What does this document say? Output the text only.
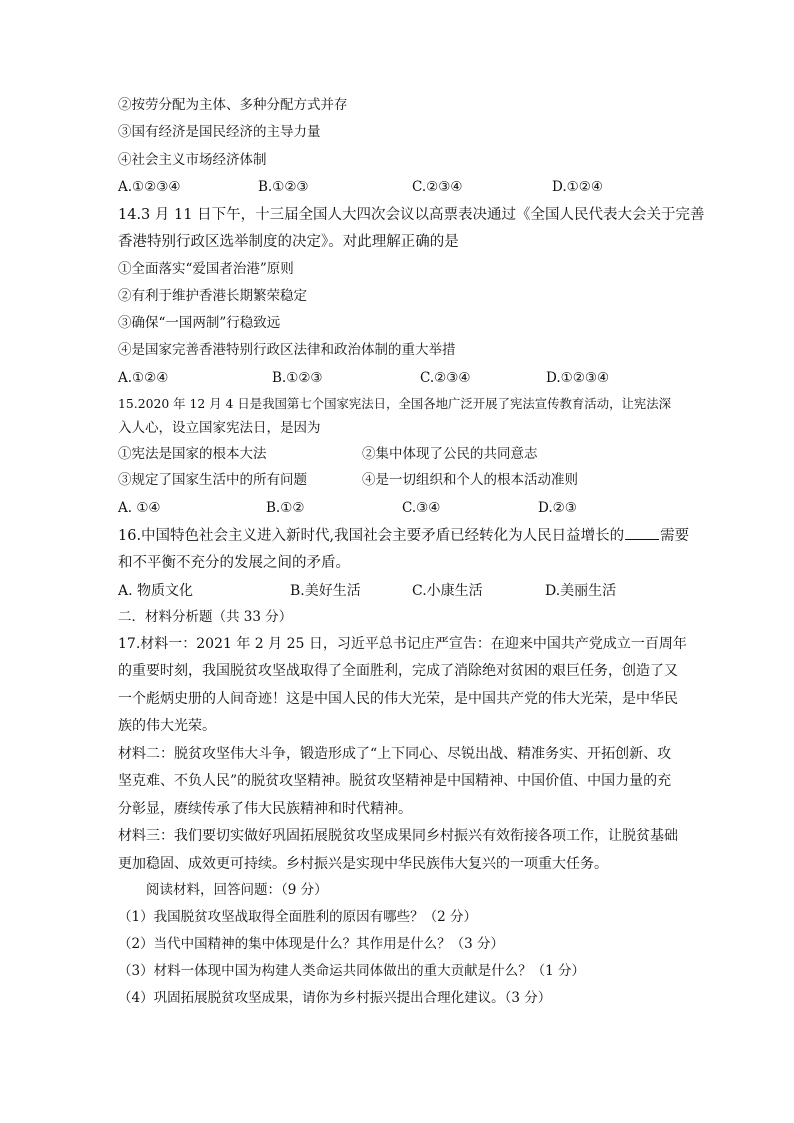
②按劳分配为主体、多种分配方式并存
③国有经济是国民经济的主导力量
④社会主义市场经济体制
A.①②③④	B.①②③	C.②③④	D.①②④
14.3 月 11 日下午，十三届全国人大四次会议以高票表决通过《全国人民代表大会关于完善
香港特别行政区选举制度的决定》。对此理解正确的是
①全面落实“爱国者治港”原则
②有利于维护香港长期繁荣稳定
③确保“一国两制”行稳致远
④是国家完善香港特别行政区法律和政治体制的重大举措
A.①②④	B.①②③	C.②③④	D.①②③④
15.2020 年 12 月 4 日是我国第七个国家宪法日，全国各地广泛开展了宪法宣传教育活动，让宪法深
入人心，设立国家宪法日，是因为
①宪法是国家的根本大法	②集中体现了公民的共同意志
③规定了国家生活中的所有问题	④是一切组织和个人的根本活动准则
A. ①④	B.①②	C.③④	D.②③
16.中国特色社会主义进入新时代,我国社会主要矛盾已经转化为人民日益增长的 需要
和不平衡不充分的发展之间的矛盾。
A. 物质文化	B.美好生活	C.小康生活	D.美丽生活
二．材料分析题（共 33 分）
17.材料一：2021 年 2 月 25 日，习近平总书记庄严宣告：在迎来中国共产党成立一百周年
的重要时刻，我国脱贫攻坚战取得了全面胜利，完成了消除绝对贫困的艰巨任务，创造了又
一个彪炳史册的人间奇迹！这是中国人民的伟大光荣，是中国共产党的伟大光荣，是中华民
族的伟大光荣。
材料二：脱贫攻坚伟大斗争，锻造形成了“上下同心、尽锐出战、精准务实、开拓创新、攻
坚克难、不负人民”的脱贫攻坚精神。脱贫攻坚精神是中国精神、中国价值、中国力量的充
分彰显，赓续传承了伟大民族精神和时代精神。
材料三：我们要切实做好巩固拓展脱贫攻坚成果同乡村振兴有效衔接各项工作，让脱贫基础
更加稳固、成效更可持续。乡村振兴是实现中华民族伟大复兴的一项重大任务。
阅读材料，回答问题：（9 分）
（1）我国脱贫攻坚战取得全面胜利的原因有哪些？（2 分）
（2）当代中国精神的集中体现是什么？其作用是什么？（3 分）
（3）材料一体现中国为构建人类命运共同体做出的重大贡献是什么？（1 分）
（4）巩固拓展脱贫攻坚成果，请你为乡村振兴提出合理化建议。（3 分）
